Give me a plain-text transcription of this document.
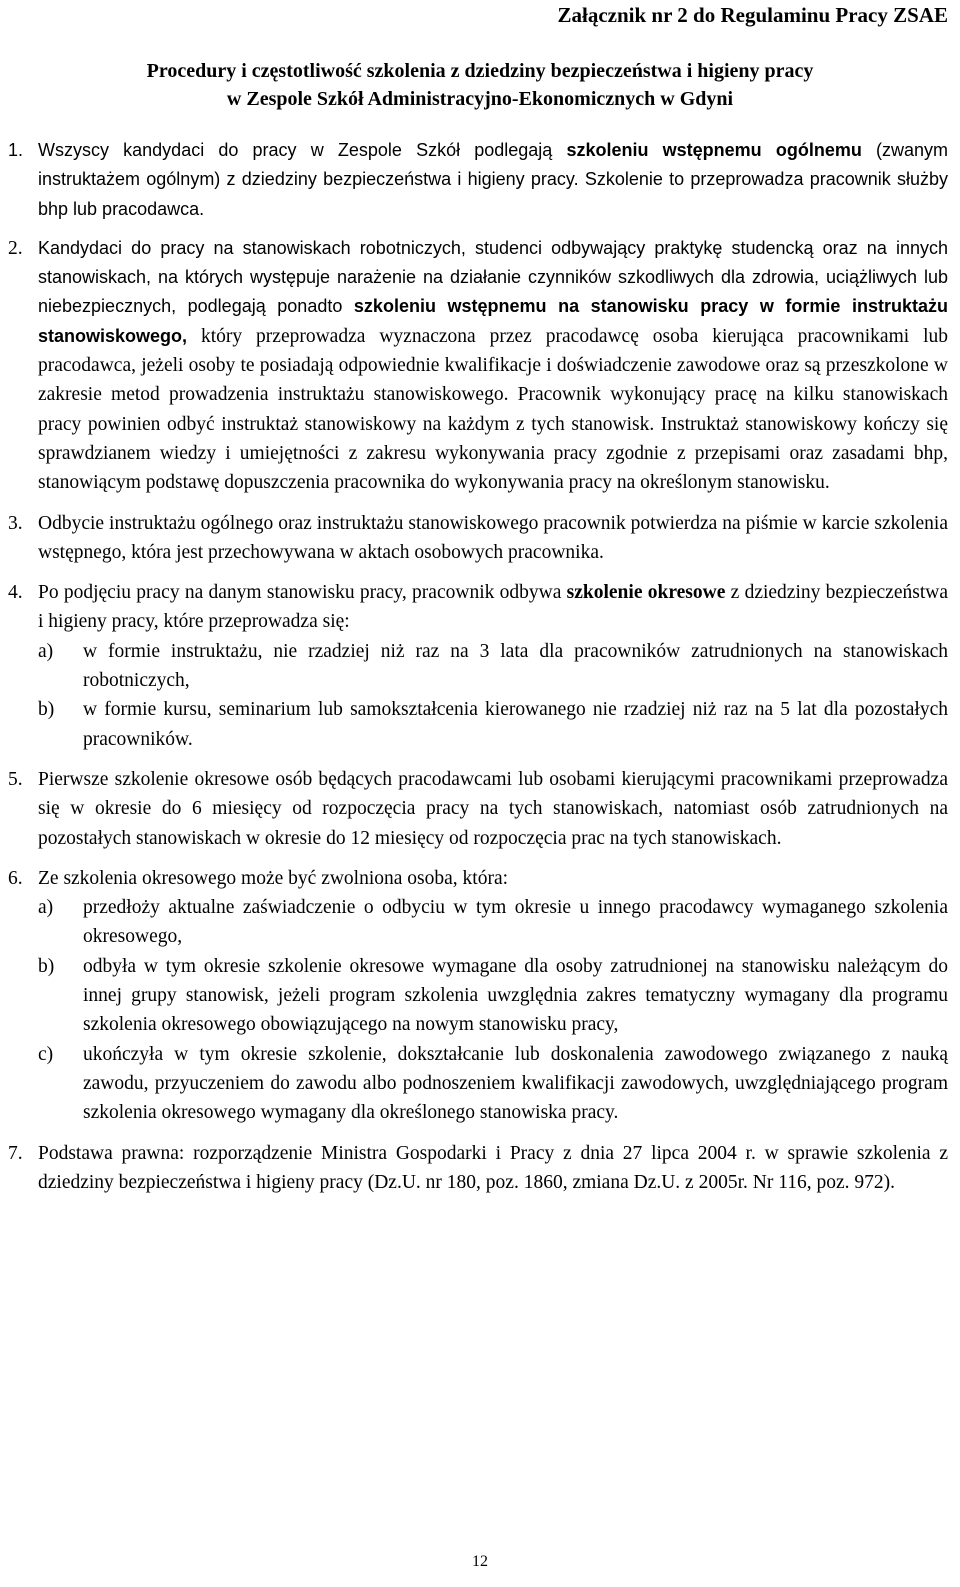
Załącznik nr 2 do Regulaminu Pracy ZSAE
Procedury i częstotliwość szkolenia z dziedziny bezpieczeństwa i higieny pracy
w Zespole Szkół Administracyjno-Ekonomicznych w Gdyni
1. Wszyscy kandydaci do pracy w Zespole Szkół podlegają szkoleniu wstępnemu ogólnemu (zwanym instruktażem ogólnym) z dziedziny bezpieczeństwa i higieny pracy. Szkolenie to przeprowadza pracownik służby bhp lub pracodawca.
2. Kandydaci do pracy na stanowiskach robotniczych, studenci odbywający praktykę studencką oraz na innych stanowiskach, na których występuje narażenie na działanie czynników szkodliwych dla zdrowia, uciążliwych lub niebezpiecznych, podlegają ponadto szkoleniu wstępnemu na stanowisku pracy w formie instruktażu stanowiskowego, który przeprowadza wyznaczona przez pracodawcę osoba kierująca pracownikami lub pracodawca, jeżeli osoby te posiadają odpowiednie kwalifikacje i doświadczenie zawodowe oraz są przeszkolone w zakresie metod prowadzenia instruktażu stanowiskowego. Pracownik wykonujący pracę na kilku stanowiskach pracy powinien odbyć instruktaż stanowiskowy na każdym z tych stanowisk. Instruktaż stanowiskowy kończy się sprawdzianem wiedzy i umiejętności z zakresu wykonywania pracy zgodnie z przepisami oraz zasadami bhp, stanowiącym podstawę dopuszczenia pracownika do wykonywania pracy na określonym stanowisku.
3. Odbycie instruktażu ogólnego oraz instruktażu stanowiskowego pracownik potwierdza na piśmie w karcie szkolenia wstępnego, która jest przechowywana w aktach osobowych pracownika.
4. Po podjęciu pracy na danym stanowisku pracy, pracownik odbywa szkolenie okresowe z dziedziny bezpieczeństwa i higieny pracy, które przeprowadza się:

a) w formie instruktażu, nie rzadziej niż raz na 3 lata dla pracowników zatrudnionych na stanowiskach robotniczych,
b) w formie kursu, seminarium lub samokształcenia kierowanego nie rzadziej niż raz na 5 lat dla pozostałych pracowników.
5. Pierwsze szkolenie okresowe osób będących pracodawcami lub osobami kierującymi pracownikami przeprowadza się w okresie do 6 miesięcy od rozpoczęcia pracy na tych stanowiskach, natomiast osób zatrudnionych na pozostałych stanowiskach w okresie do 12 miesięcy od rozpoczęcia prac na tych stanowiskach.
6. Ze szkolenia okresowego może być zwolniona osoba, która:

a) przedłoży aktualne zaświadczenie o odbyciu w tym okresie u innego pracodawcy wymaganego szkolenia okresowego,
b) odbyła w tym okresie szkolenie okresowe wymagane dla osoby zatrudnionej na stanowisku należącym do innej grupy stanowisk, jeżeli program szkolenia uwzględnia zakres tematyczny wymagany dla programu szkolenia okresowego obowiązującego na nowym stanowisku pracy,
c) ukończyła w tym okresie szkolenie, dokształcanie lub doskonalenia zawodowego związanego z nauką zawodu, przyuczeniem do zawodu albo podnoszeniem kwalifikacji zawodowych, uwzględniającego program szkolenia okresowego wymagany dla określonego stanowiska pracy.
7. Podstawa prawna: rozporządzenie Ministra Gospodarki i Pracy z dnia 27 lipca 2004 r. w sprawie szkolenia z dziedziny bezpieczeństwa i higieny pracy (Dz.U. nr 180, poz. 1860, zmiana Dz.U. z 2005r. Nr 116, poz. 972).
12
